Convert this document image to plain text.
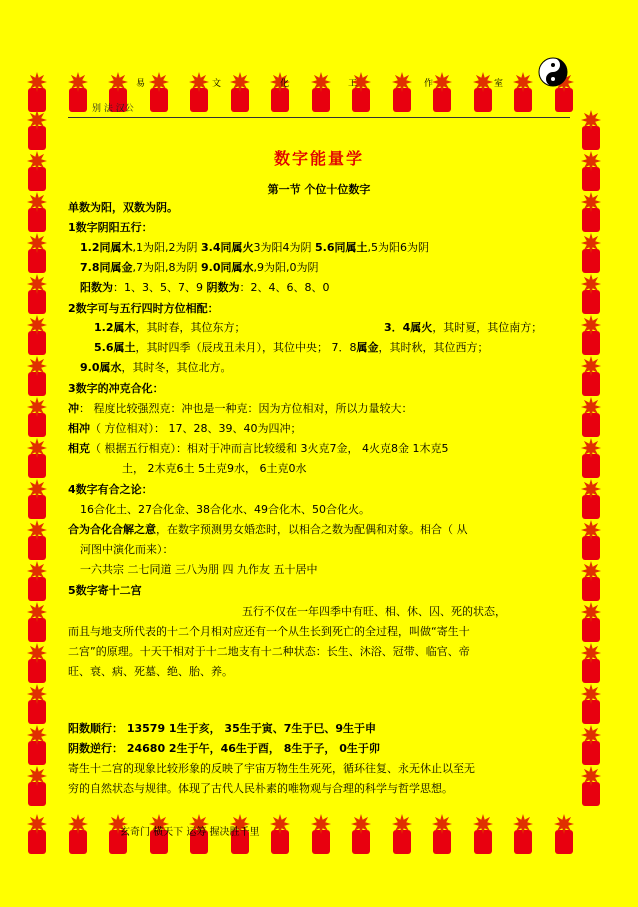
易	文	化	工	作	室
别 法 汉公
数字能量学
第一节 个位十位数字
单数为阳，双数为阴。
1数字阴阳五行：
1.2同属木,1为阳,2为阴 3.4同属火3为阳4为阴 5.6同属土,5为阳6为阴
7.8同属金,7为阳,8为阴 9.0同属水,9为阳,0为阴
阳数为：1、3、5、7、9 阴数为：2、4、6、8、0
2数字可与五行四时方位相配：
1.2属木，其时春，其位东方；	3．4属火，其时夏，其位南方；
5.6属土，其时四季（辰戌丑未月），其位中央； 7．8属金，其时秋，其位西方；
9.0属水，其时冬，其位北方。
3数字的冲克合化：
冲： 程度比较强烈克：冲也是一种克：因为方位相对，所以力量较大：
相冲（ 方位相对）： 17、28、39、40为四冲；
相克（ 根据五行相克）：相对于冲而言比较缓和 3火克7金， 4火克8金 1木克5
土， 2木克6土 5土克9水， 6土克0水
4数字有合之论：
16合化土、27合化金、38合化水、49合化木、50合化火。
合为合化合解之意，在数字预测男女婚恋时，以相合之数为配偶和对象。相合（ 从
河图中演化而来）：
一六共宗 二七同道 三八为朋 四 九作友 五十居中
5数字寄十二宫
五行不仅在一年四季中有旺、相、休、囚、死的状态，
而且与地支所代表的十二个月相对应还有一个从生长到死亡的全过程，叫做“寄生十
二宫”的原理。十天干相对于十二地支有十二种状态：长生、沐浴、冠带、临官、帝
旺、衰、病、死墓、绝、胎、养。
阳数顺行： 13579 1生于亥， 35生于寅、7生于巳、9生于申
阴数逆行： 24680 2生于午，46生于酉， 8生于子， 0生于卯
寄生十二宫的现象比较形象的反映了宇宙万物生生死死，循环往复、永无休止以至无
穷的自然状态与规律。体现了古代人民朴素的唯物观与合理的科学与哲学思想。
玄奇门 横天下 运筹 握决胜千里
